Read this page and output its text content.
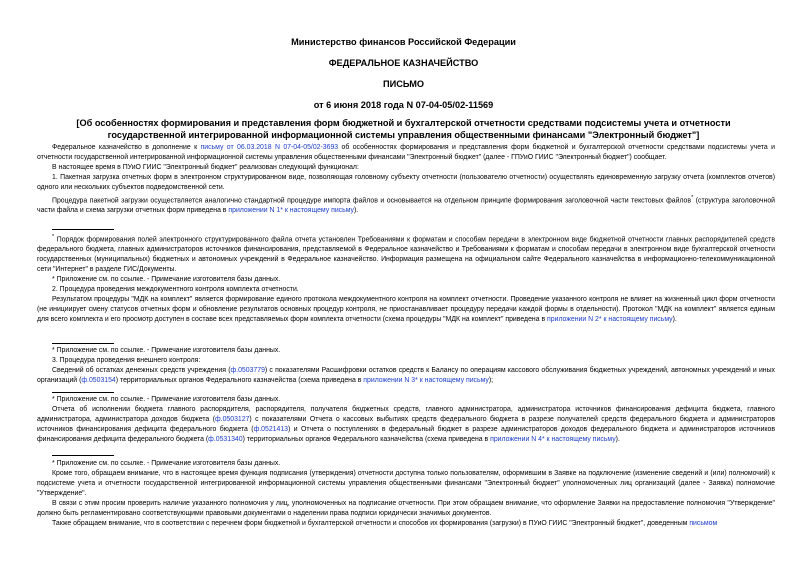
Министерство финансов Российской Федерации
ФЕДЕРАЛЬНОЕ КАЗНАЧЕЙСТВО
ПИСЬМО
от 6 июня 2018 года N 07-04-05/02-11569
[Об особенностях формирования и представления форм бюджетной и бухгалтерской отчетности средствами подсистемы учета и отчетности государственной интегрированной информационной системы управления общественными финансами "Электронный бюджет"]

Федеральное казначейство в дополнение к письму от 06.03.2018 N 07-04-05/02-3693 об особенностях формирования и представления форм бюджетной и бухгалтерской отчетности средствами подсистемы учета и отчетности государственной интегрированной информационной системы управления общественными финансами "Электронный бюджет" (далее - ГПУиО ГИИС "Электронный бюджет") сообщает.

В настоящее время в ПУиО ГИИС "Электронный бюджет" реализован следующий функционал:

1. Пакетная загрузка отчетных форм в электронном структурированном виде, позволяющая головному субъекту отчетности (пользователю отчетности) осуществлять единовременную загрузку отчета (комплектов отчетов) одного или нескольких субъектов подведомственной сети.

Процедура пакетной загрузки осуществляется аналогично стандартной процедуре импорта файлов и основывается на отдельном принципе формирования заголовочной части текстовых файлов* (структура заголовочной части файла и схема загрузки отчетных форм приведена в приложении N 1* к настоящему письму).

* Порядок формирования полей электронного структурированного файла отчета установлен Требованиями к форматам и способам передачи в электронном виде бюджетной отчетности главных распорядителей средств федерального бюджета, главных администраторов источников финансирования, представляемой в Федеральное казначейство и Требованиями к форматам и способам передачи в электронном виде бухгалтерской отчетности государственных (муниципальных) бюджетных и автономных учреждений в Федеральное казначейство. Информация размещена на официальном сайте Федерального казначейства в информационно-телекоммуникационной сети "Интернет" в разделе ГИС/Документы.

* Приложение см. по ссылке. - Примечание изготовителя базы данных.

2. Процедура проведения междокументного контроля комплекта отчетности.

Результатом процедуры "МДК на комплект" является формирование единого протокола междокументного контроля на комплект отчетности. Проведение указанного контроля не влияет на жизненный цикл форм отчетности (не инициирует смену статусов отчетных форм и обновление результатов основных процедур контроля, не приостанавливает процедуру передачи каждой формы в отдельности). Протокол "МДК на комплект" является единым для всего комплекта и его просмотр доступен в составе всех представляемых форм комплекта отчетности (схема процедуры "МДК на комплект" приведена в приложении N 2* к настоящему письму).

* Приложение см. по ссылке. - Примечание изготовителя базы данных.

3. Процедура проведения внешнего контроля:

Сведений об остатках денежных средств учреждения (ф.0503779) с показателями Расшифровки остатков средств к Балансу по операциям кассового обслуживания бюджетных учреждений, автономных учреждений и иных организаций (ф.0503154) территориальных органов Федерального казначейства (схема приведена в приложении N 3* к настоящему письму);

* Приложение см. по ссылке. - Примечание изготовителя базы данных.

Отчета об исполнении бюджета главного распорядителя, распорядителя, получателя бюджетных средств, главного администратора, администратора источников финансирования дефицита бюджета, главного администратора, администратора доходов бюджета (ф.0503127) с показателями Отчета о кассовых выбытиях средств федерального бюджета в разрезе получателей средств федерального бюджета и администраторов источников финансирования дефицита федерального бюджета (ф.0521413) и Отчета о поступлениях в федеральный бюджет в разрезе администраторов доходов федерального бюджета и администраторов источников финансирования дефицита федерального бюджета (ф.0531340) территориальных органов Федерального казначейства (схема приведена в приложении N 4* к настоящему письму).

* Приложение см. по ссылке. - Примечание изготовителя базы данных.

Кроме того, обращаем внимание, что в настоящее время функция подписания (утверждения) отчетности доступна только пользователям, оформившим в Заявке на подключение (изменение сведений и (или) полномочий) к подсистеме учета и отчетности государственной интегрированной информационной системы управления общественными финансами "Электронный бюджет" уполномоченных лиц организаций (далее - Заявка) полномочие "Утверждение".

В связи с этим просим проверить наличие указанного полномочия у лиц, уполномоченных на подписание отчетности. При этом обращаем внимание, что оформление Заявки на предоставление полномочия "Утверждение" должно быть регламентировано соответствующими правовыми документами о наделении права подписи юридически значимых документов.

Также обращаем внимание, что в соответствии с перечнем форм бюджетной и бухгалтерской отчетности и способов их формирования (загрузки) в ПУиО ГИИС "Электронный бюджет", доведенным письмом
